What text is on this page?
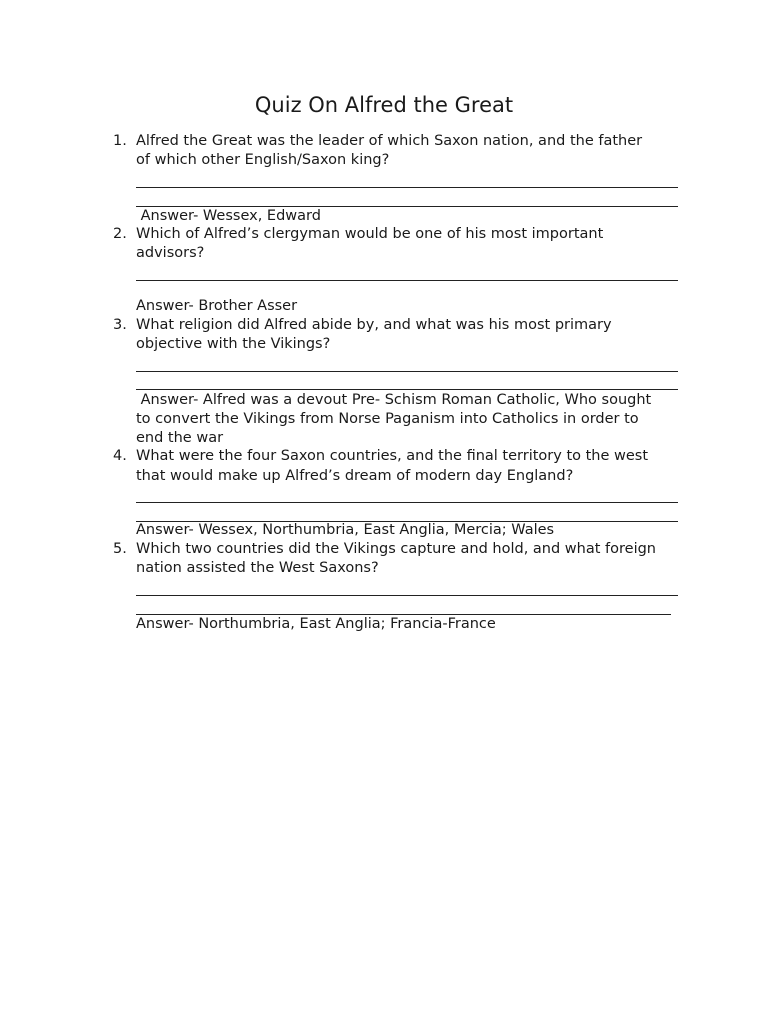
Quiz On Alfred the Great

1. Alfred the Great was the leader of which Saxon nation, and the father

of which other English/Saxon king?

Answer- Wessex, Edward

2. Which of Alfred’s clergyman would be one of his most important

advisors?

Answer- Brother Asser

3. What religion did Alfred abide by, and what was his most primary

objective with the Vikings?

Answer- Alfred was a devout Pre- Schism Roman Catholic, Who sought

to convert the Vikings from Norse Paganism into Catholics in order to

end the war

4. What were the four Saxon countries, and the final territory to the west

that would make up Alfred’s dream of modern day England?

Answer- Wessex, Northumbria, East Anglia, Mercia; Wales

5. Which two countries did the Vikings capture and hold, and what foreign

nation assisted the West Saxons?

Answer- Northumbria, East Anglia; Francia-France
